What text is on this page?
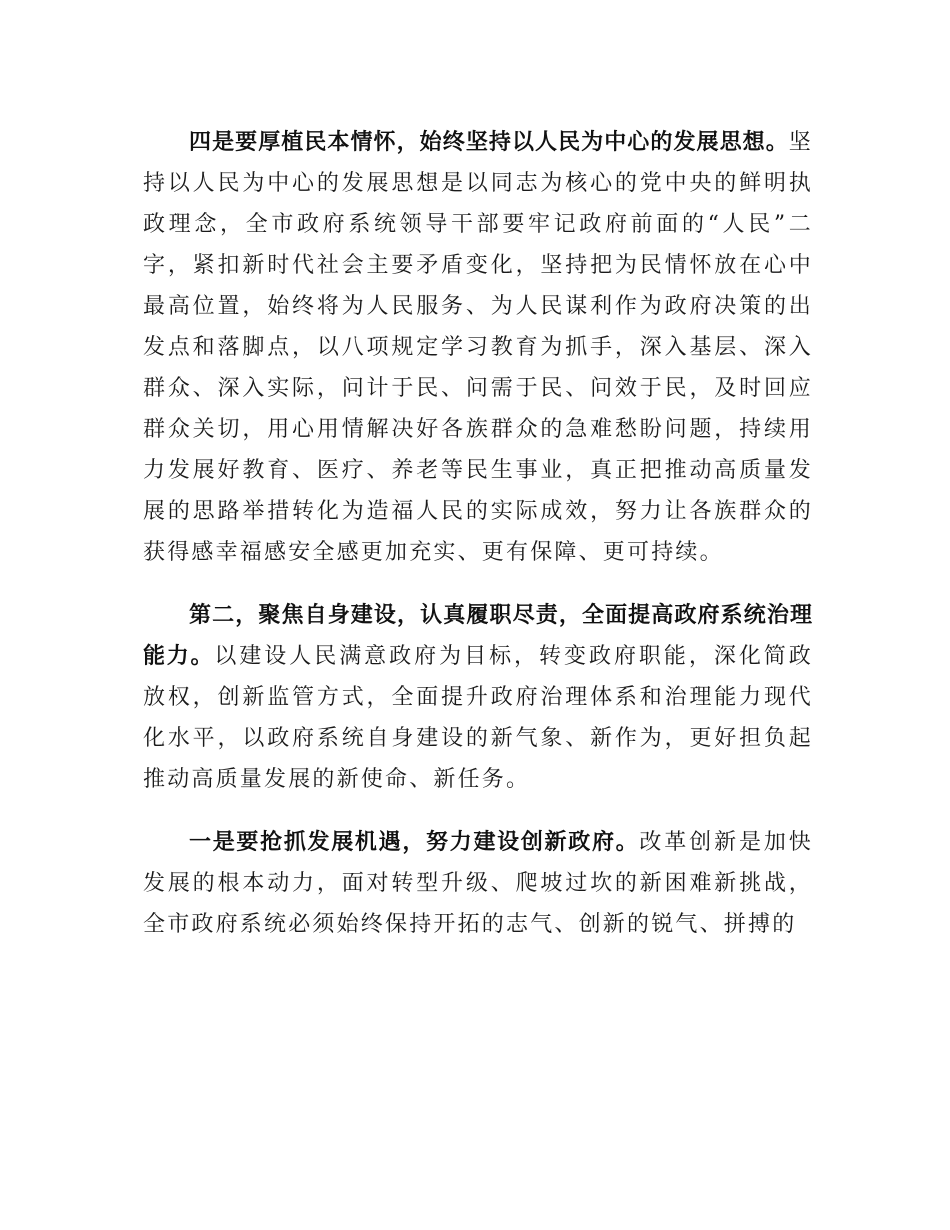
四是要厚植民本情怀，始终坚持以人民为中心的发展思想。坚持以人民为中心的发展思想是以同志为核心的党中央的鲜明执政理念，全市政府系统领导干部要牢记政府前面的“人民”二字，紧扣新时代社会主要矛盾变化，坚持把为民情怀放在心中最高位置，始终将为人民服务、为人民谋利作为政府决策的出发点和落脚点，以八项规定学习教育为抓手，深入基层、深入群众、深入实际，问计于民、问需于民、问效于民，及时回应群众关切，用心用情解决好各族群众的急难愁盼问题，持续用力发展好教育、医疗、养老等民生事业，真正把推动高质量发展的思路举措转化为造福人民的实际成效，努力让各族群众的获得感幸福感安全感更加充实、更有保障、更可持续。

第二，聚焦自身建设，认真履职尽责，全面提高政府系统治理能力。以建设人民满意政府为目标，转变政府职能，深化简政放权，创新监管方式，全面提升政府治理体系和治理能力现代化水平，以政府系统自身建设的新气象、新作为，更好担负起推动高质量发展的新使命、新任务。

一是要抢抓发展机遇，努力建设创新政府。改革创新是加快发展的根本动力，面对转型升级、爬坡过坎的新困难新挑战，全市政府系统必须始终保持开拓的志气、创新的锐气、拼搏的
